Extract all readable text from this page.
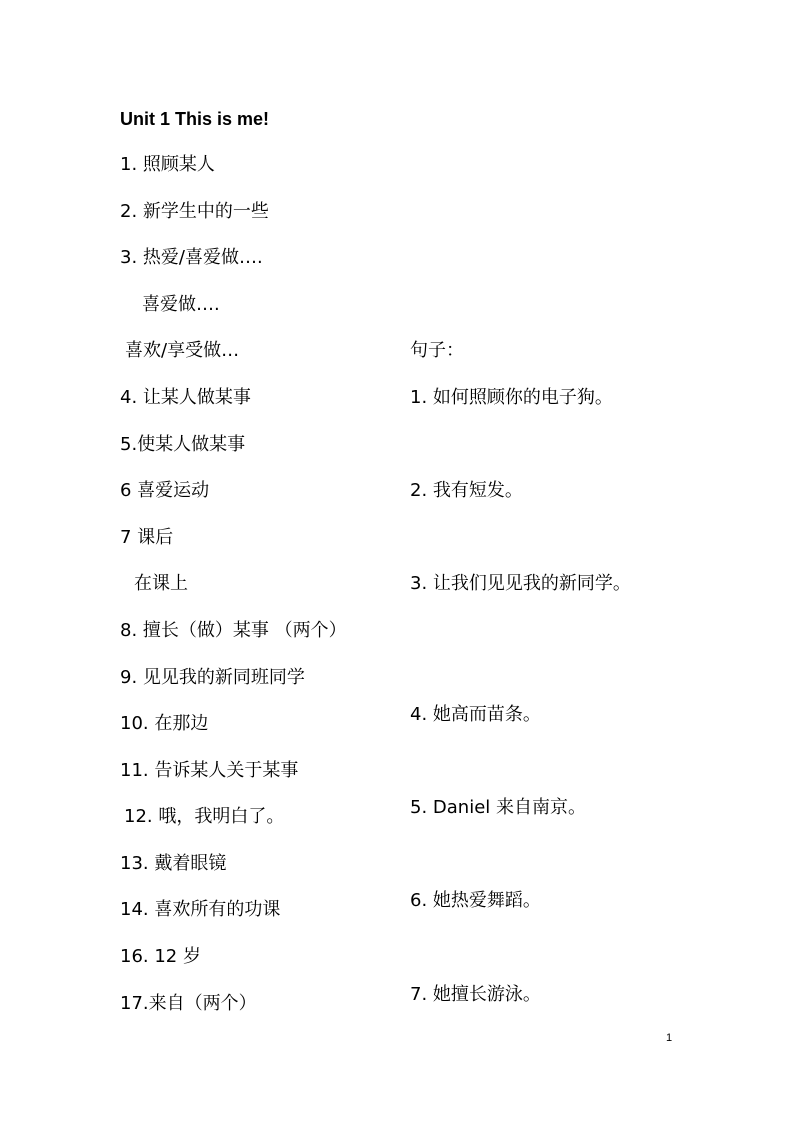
Unit 1 This is me!
1. 照顾某人
2. 新学生中的一些
3. 热爱/喜爱做….
喜爱做….
喜欢/享受做…
4. 让某人做某事
5.使某人做某事
6 喜爱运动
7 课后
在课上
8. 擅长（做）某事 （两个）
9. 见见我的新同班同学
10. 在那边
11. 告诉某人关于某事
12. 哦，我明白了。
13. 戴着眼镜
14. 喜欢所有的功课
16. 12 岁
17.来自（两个）
句子：
1. 如何照顾你的电子狗。
2. 我有短发。
3. 让我们见见我的新同学。
4. 她高而苗条。
5. Daniel 来自南京。
6. 她热爱舞蹈。
7. 她擅长游泳。
1
